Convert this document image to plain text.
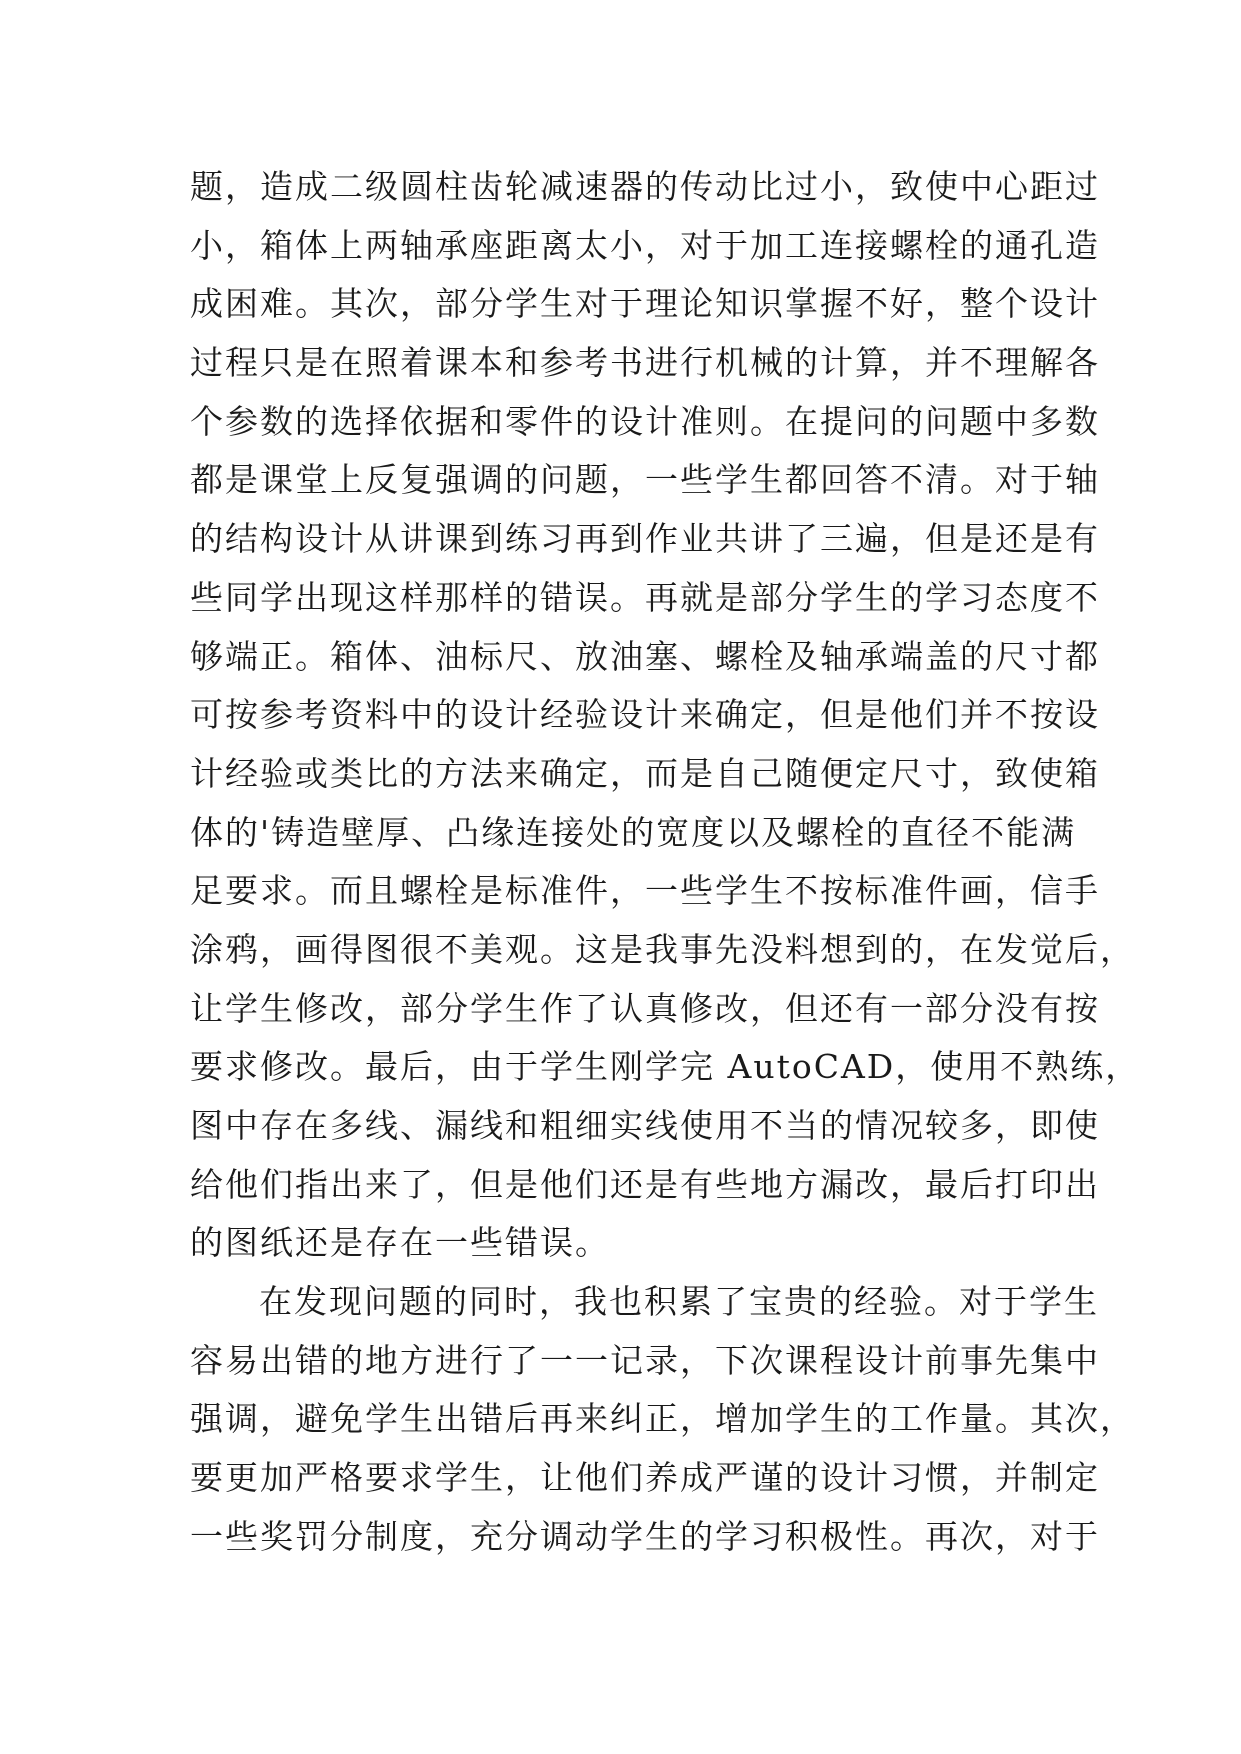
题，造成二级圆柱齿轮减速器的传动比过小，致使中心距过
小，箱体上两轴承座距离太小，对于加工连接螺栓的通孔造
成困难。其次，部分学生对于理论知识掌握不好，整个设计
过程只是在照着课本和参考书进行机械的计算，并不理解各
个参数的选择依据和零件的设计准则。在提问的问题中多数
都是课堂上反复强调的问题，一些学生都回答不清。对于轴
的结构设计从讲课到练习再到作业共讲了三遍，但是还是有
些同学出现这样那样的错误。再就是部分学生的学习态度不
够端正。箱体、油标尺、放油塞、螺栓及轴承端盖的尺寸都
可按参考资料中的设计经验设计来确定，但是他们并不按设
计经验或类比的方法来确定，而是自己随便定尺寸，致使箱
体的'铸造壁厚、凸缘连接处的宽度以及螺栓的直径不能满
足要求。而且螺栓是标准件，一些学生不按标准件画，信手
涂鸦，画得图很不美观。这是我事先没料想到的，在发觉后，
让学生修改，部分学生作了认真修改，但还有一部分没有按
要求修改。最后，由于学生刚学完 AutoCAD，使用不熟练，
图中存在多线、漏线和粗细实线使用不当的情况较多，即使
给他们指出来了，但是他们还是有些地方漏改，最后打印出
的图纸还是存在一些错误。
在发现问题的同时，我也积累了宝贵的经验。对于学生
容易出错的地方进行了一一记录，下次课程设计前事先集中
强调，避免学生出错后再来纠正，增加学生的工作量。其次，
要更加严格要求学生，让他们养成严谨的设计习惯，并制定
一些奖罚分制度，充分调动学生的学习积极性。再次，对于
